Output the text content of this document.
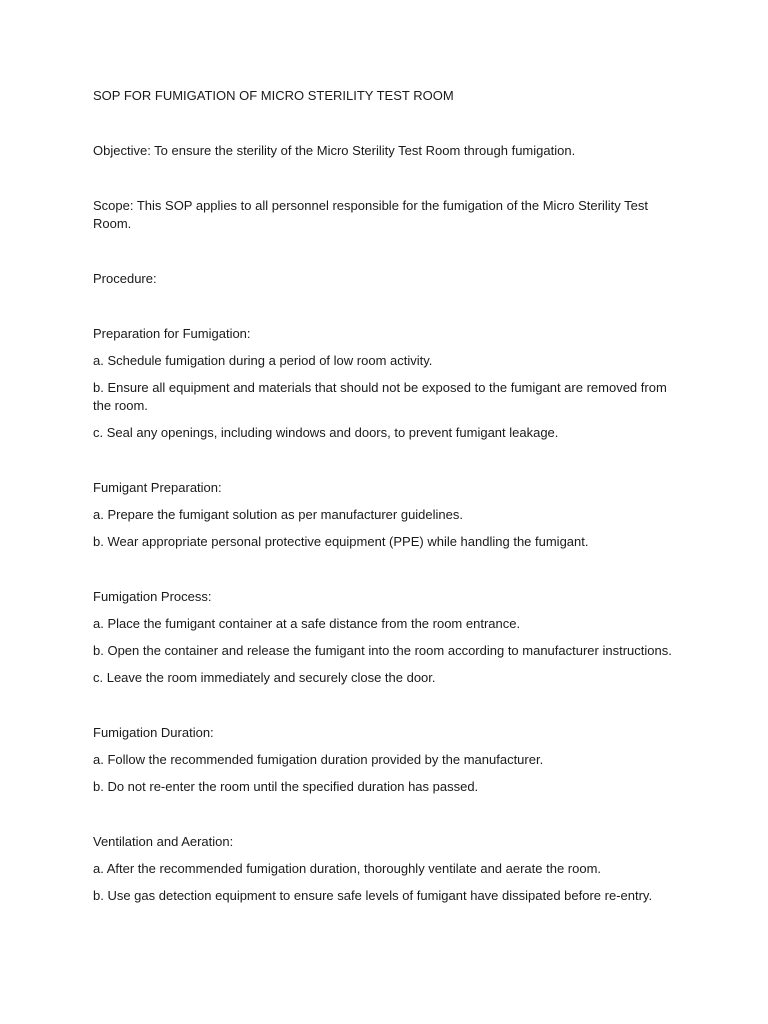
SOP FOR FUMIGATION OF MICRO STERILITY TEST ROOM

Objective: To ensure the sterility of the Micro Sterility Test Room through fumigation.

Scope: This SOP applies to all personnel responsible for the fumigation of the Micro Sterility Test Room.

Procedure:

Preparation for Fumigation:

a. Schedule fumigation during a period of low room activity.

b. Ensure all equipment and materials that should not be exposed to the fumigant are removed from the room.

c. Seal any openings, including windows and doors, to prevent fumigant leakage.

Fumigant Preparation:

a. Prepare the fumigant solution as per manufacturer guidelines.

b. Wear appropriate personal protective equipment (PPE) while handling the fumigant.

Fumigation Process:

a. Place the fumigant container at a safe distance from the room entrance.

b. Open the container and release the fumigant into the room according to manufacturer instructions.

c. Leave the room immediately and securely close the door.

Fumigation Duration:

a. Follow the recommended fumigation duration provided by the manufacturer.

b. Do not re-enter the room until the specified duration has passed.

Ventilation and Aeration:

a. After the recommended fumigation duration, thoroughly ventilate and aerate the room.

b. Use gas detection equipment to ensure safe levels of fumigant have dissipated before re-entry.
